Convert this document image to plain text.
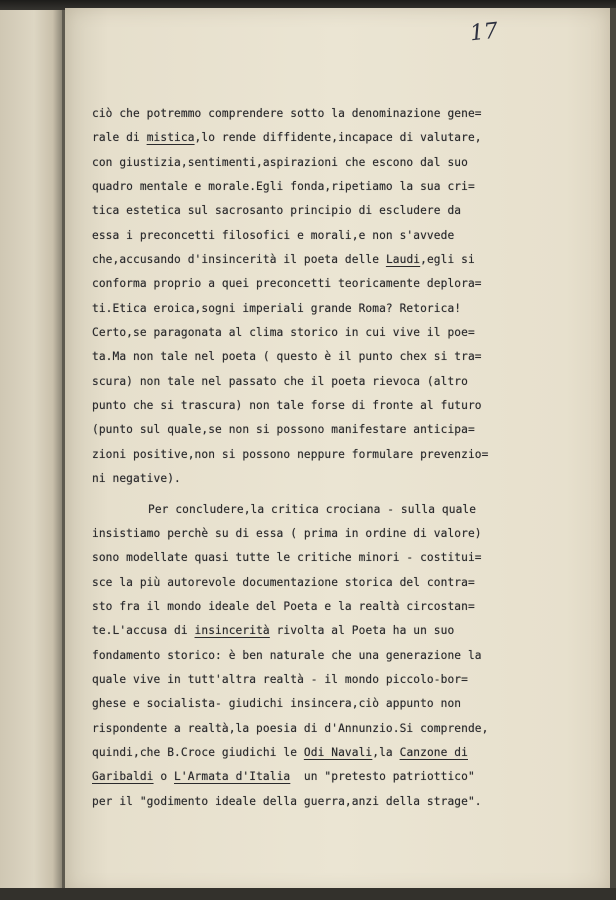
17
ciò che potremmo comprendere sotto la denominazione gene=
rale di mistica,lo rende diffidente,incapace di valutare,
con giustizia,sentimenti,aspirazioni che escono dal suo
quadro mentale e morale.Egli fonda,ripetiamo la sua cri=
tica estetica sul sacrosanto principio di escludere da
essa i preconcetti filosofici e morali,e non s'avvede
che,accusando d'insincerità il poeta delle Laudi,egli si
conforma proprio a quei preconcetti teoricamente deplora=
ti.Etica eroica,sogni imperiali grande Roma? Retorica!
Certo,se paragonata al clima storico in cui vive il poe=
ta.Ma non tale nel poeta ( questo è il punto chex si tra=
scura) non tale nel passato che il poeta rievoca (altro
punto che si trascura) non tale forse di fronte al futuro
(punto sul quale,se non si possono manifestare anticipa=
zioni positive,non si possono neppure formulare prevenzio=
ni negative).
Per concludere,la critica crociana - sulla quale
insistiamo perchè su di essa ( prima in ordine di valore)
sono modellate quasi tutte le critiche minori - costitui=
sce la più autorevole documentazione storica del contra=
sto fra il mondo ideale del Poeta e la realtà circostan=
te.L'accusa di insincerità rivolta al Poeta ha un suo
fondamento storico: è ben naturale che una generazione la
quale vive in tutt'altra realtà - il mondo piccolo-bor=
ghese e socialista- giudichi insincera,ciò appunto non
rispondente a realtà,la poesia di d'Annunzio.Si comprende,
quindi,che B.Croce giudichi le Odi Navali,la Canzone di
Garibaldi o L'Armata d'Italia  un "pretesto patriottico"
per il "godimento ideale della guerra,anzi della strage".
